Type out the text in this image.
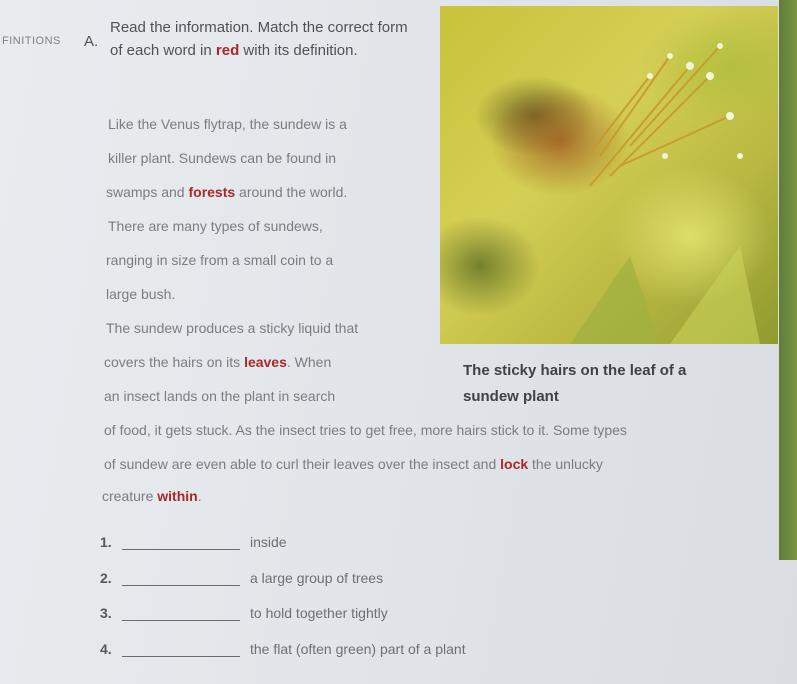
FINITIONS A.

Read the information. Match the correct form of each word in red with its definition.

Like the Venus flytrap, the sundew is a
killer plant. Sundews can be found in
swamps and forests around the world.
There are many types of sundews,
ranging in size from a small coin to a
large bush.
The sundew produces a sticky liquid that
covers the hairs on its leaves. When
an insect lands on the plant in search
of food, it gets stuck. As the insect tries to get free, more hairs stick to it. Some types
of sundew are even able to curl their leaves over the insect and lock the unlucky
creature within.
The sticky hairs on the leaf of a
sundew plant
1.	inside
2.	a large group of trees
3.	to hold together tightly
4.	the flat (often green) part of a plant
